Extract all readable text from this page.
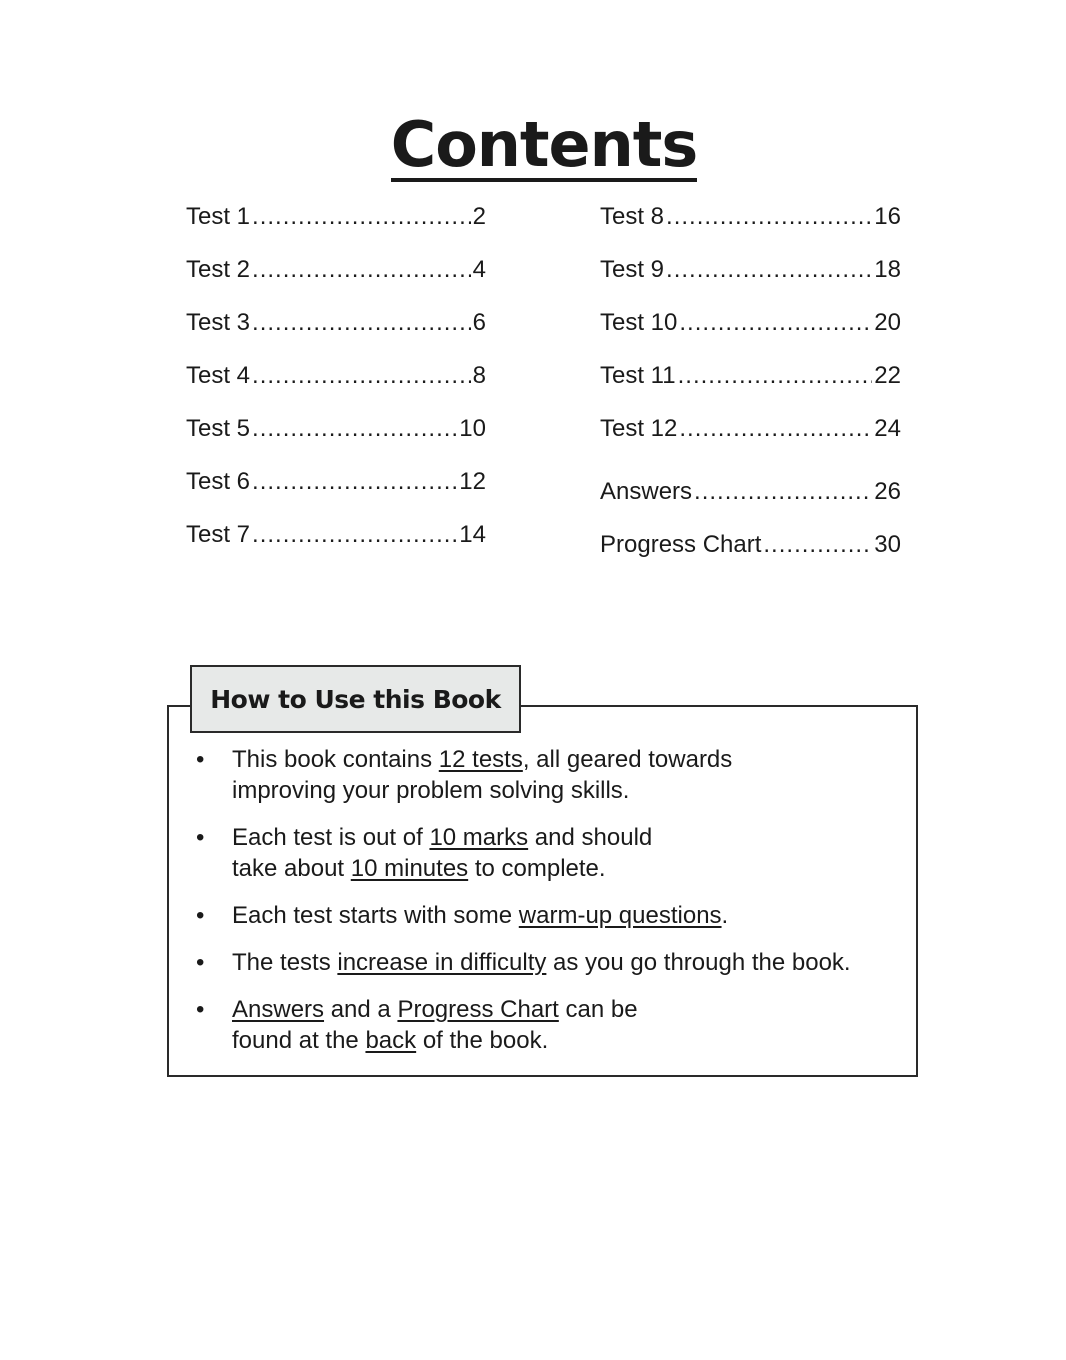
Contents
Test 1 .....	2
Test 2 .....	4
Test 3 .....	6
Test 4 .....	8
Test 5 .....	10
Test 6 .....	12
Test 7 .....	14
Test 8 .....	16
Test 9 .....	18
Test 10 .....	20
Test 11 .....	22
Test 12 .....	24
Answers .....	26
Progress Chart .....	30
How to Use this Book
•	This book contains 12 tests, all geared towards
improving your problem solving skills.
•	Each test is out of 10 marks and should
take about 10 minutes to complete.
•	Each test starts with some warm-up questions.
•	The tests increase in difficulty as you go through the book.
•	Answers and a Progress Chart can be
found at the back of the book.
